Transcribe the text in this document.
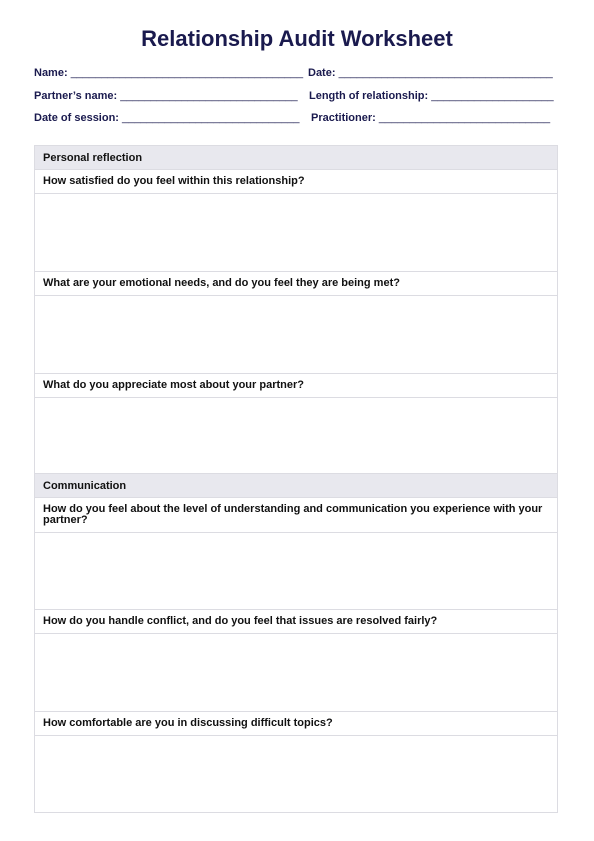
Relationship Audit Worksheet
Name: ______________________________________ Date: ___________________________________
Partner’s name: _____________________________ Length of relationship: ____________________
Date of session: _____________________________ Practitioner: ____________________________
Personal reflection
How satisfied do you feel within this relationship?
What are your emotional needs, and do you feel they are being met?
What do you appreciate most about your partner?
Communication
How do you feel about the level of understanding and communication you experience with your partner?
How do you handle conflict, and do you feel that issues are resolved fairly?
How comfortable are you in discussing difficult topics?
